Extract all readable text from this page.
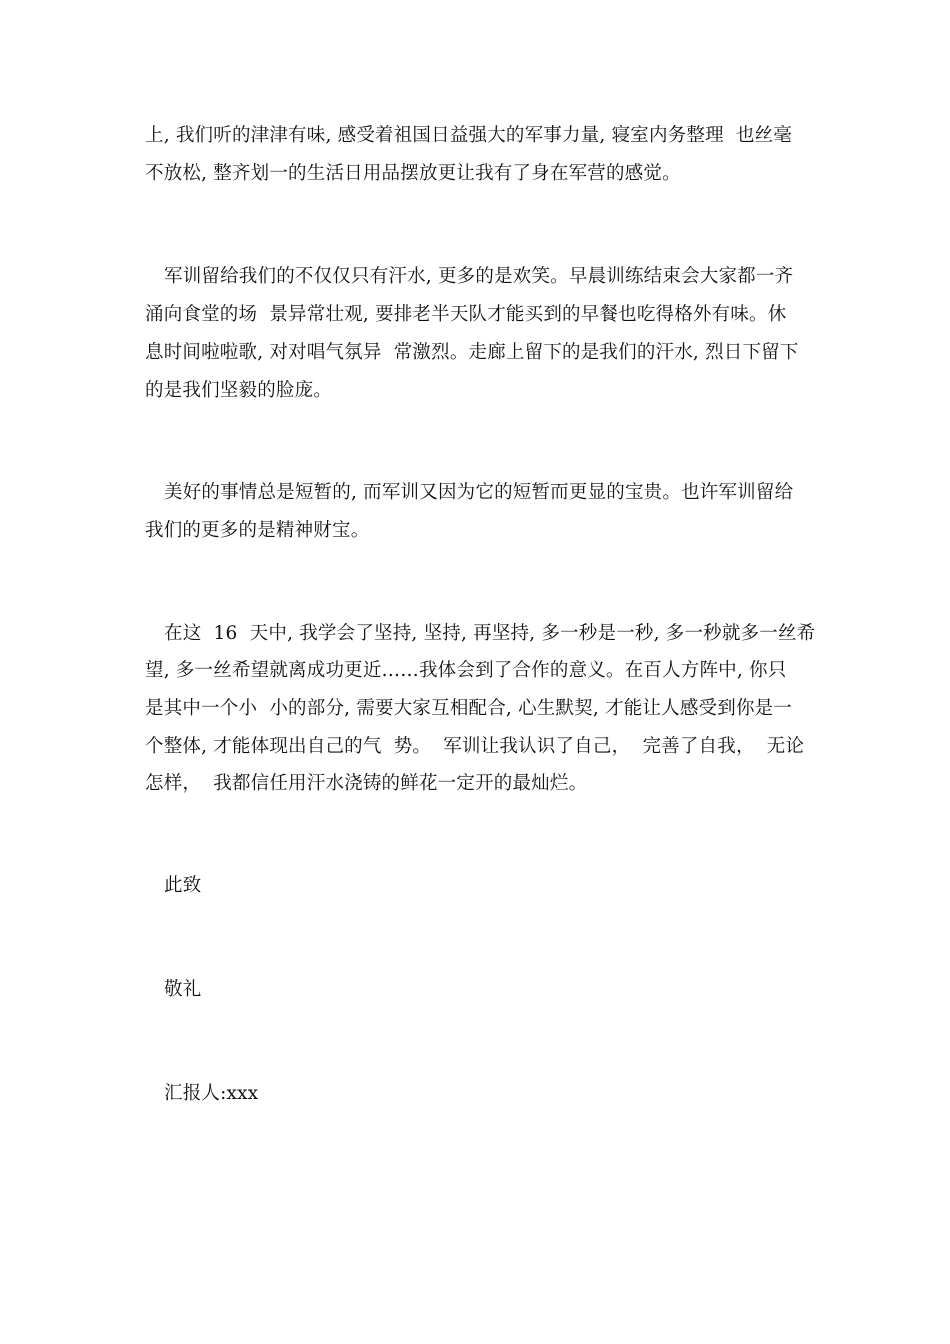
上, 我们听的津津有味, 感受着祖国日益强大的军事力量, 寝室内务整理  也丝毫
不放松, 整齐划一的生活日用品摆放更让我有了身在军营的感觉。
军训留给我们的不仅仅只有汗水, 更多的是欢笑。早晨训练结束会大家都一齐
涌向食堂的场  景异常壮观, 要排老半天队才能买到的早餐也吃得格外有味。休
息时间啦啦歌, 对对唱气氛异  常激烈。走廊上留下的是我们的汗水, 烈日下留下
的是我们坚毅的脸庞。
美好的事情总是短暂的, 而军训又因为它的短暂而更显的宝贵。也许军训留给
我们的更多的是精神财宝。
在这  16  天中, 我学会了坚持, 坚持, 再坚持, 多一秒是一秒, 多一秒就多一丝希
望, 多一丝希望就离成功更近……我体会到了合作的意义。在百人方阵中, 你只
是其中一个小  小的部分, 需要大家互相配合, 心生默契, 才能让人感受到你是一
个整体, 才能体现出自己的气  势。  军训让我认识了自己，  完善了自我，  无论
怎样，  我都信任用汗水浇铸的鲜花一定开的最灿烂。
此致
敬礼
汇报人:xxx
